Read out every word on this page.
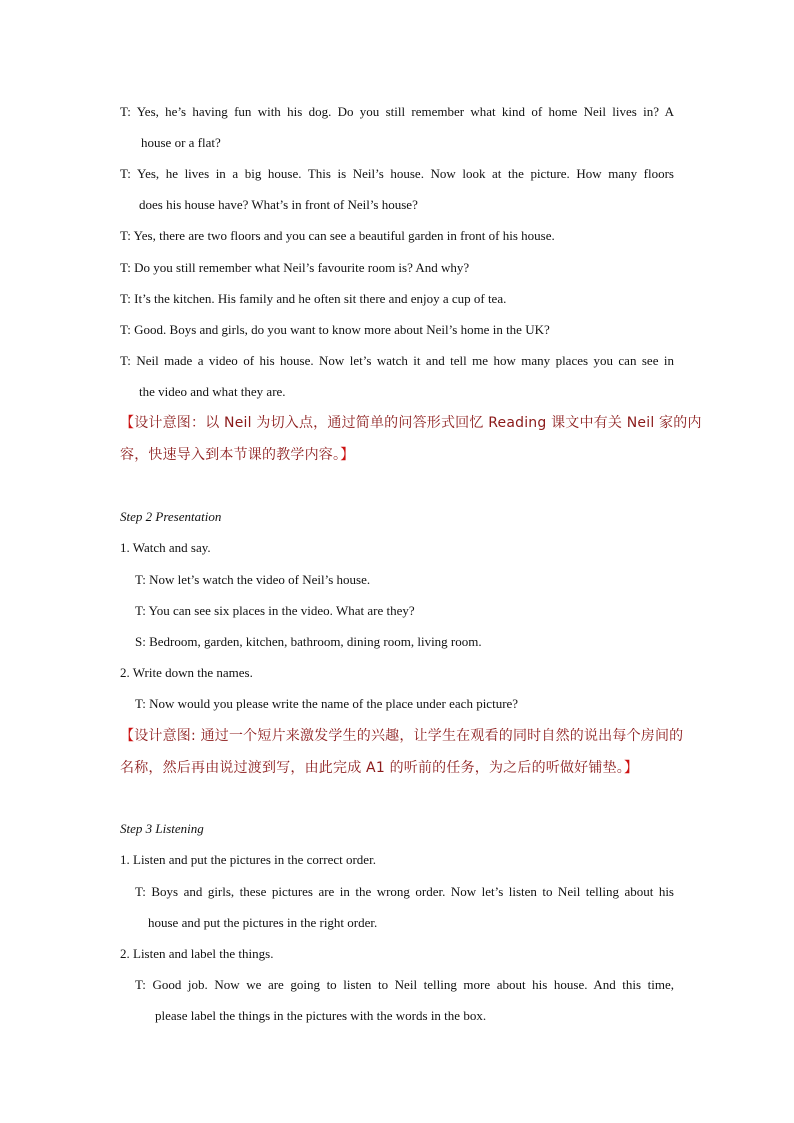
T: Yes, he’s having fun with his dog. Do you still remember what kind of home Neil lives in? A
house or a flat?
T: Yes, he lives in a big house. This is Neil’s house. Now look at the picture. How many floors
does his house have? What’s in front of Neil’s house?
T: Yes, there are two floors and you can see a beautiful garden in front of his house.
T: Do you still remember what Neil’s favourite room is? And why?
T: It’s the kitchen. His family and he often sit there and enjoy a cup of tea.
T: Good. Boys and girls, do you want to know more about Neil’s home in the UK?
T: Neil made a video of his house. Now let’s watch it and tell me how many places you can see in
the video and what they are.
【设计意图：以 Neil 为切入点，通过简单的问答形式回忆 Reading 课文中有关 Neil 家的内
容，快速导入到本节课的教学内容。】
Step 2 Presentation
1. Watch and say.
T: Now let’s watch the video of Neil’s house.
T: You can see six places in the video. What are they?
S: Bedroom, garden, kitchen, bathroom, dining room, living room.
2. Write down the names.
T: Now would you please write the name of the place under each picture?
【设计意图: 通过一个短片来激发学生的兴趣，让学生在观看的同时自然的说出每个房间的
名称，然后再由说过渡到写，由此完成 A1 的听前的任务，为之后的听做好铺垫。】
Step 3 Listening
1. Listen and put the pictures in the correct order.
T: Boys and girls, these pictures are in the wrong order. Now let’s listen to Neil telling about his
house and put the pictures in the right order.
2. Listen and label the things.
T: Good job. Now we are going to listen to Neil telling more about his house. And this time,
please label the things in the pictures with the words in the box.
